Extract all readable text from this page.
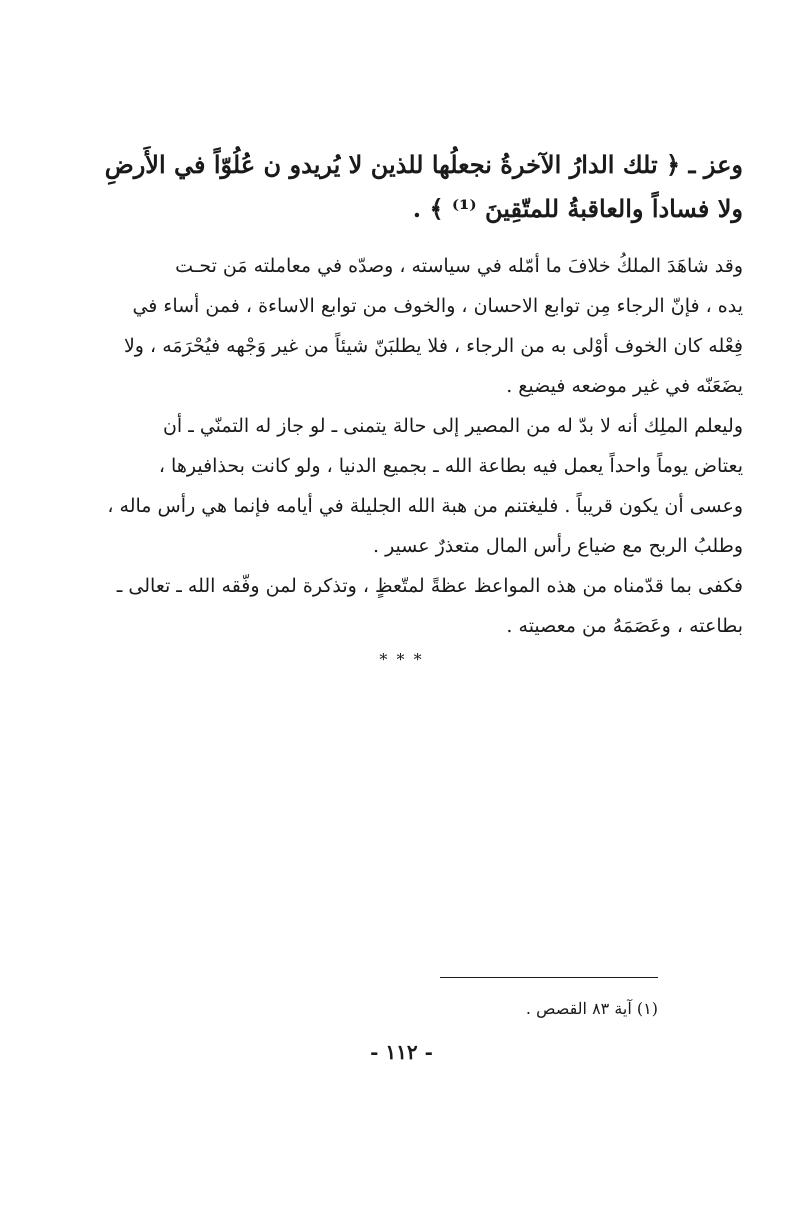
وعز ـ ﴿ تلك الدارُ الآخرةُ نجعلُها للذين لا يُريدو ن عُلُوّاً في الأَرضِ
ولا فساداً والعاقبةُ للمتّقِينَ ⁽¹⁾ ﴾ .
وقد شاهَدَ الملكُ خلافَ ما أمّله في سياسته ، وصدّه في معاملته مَن تحـت
يده ، فإنّ الرجاء مِن توابع الاحسان ، والخوف من توابع الاساءة ، فمن أساء في
فِعْله كان الخوف أوْلى به من الرجاء ، فلا يطلبَنّ شيئاً من غير وَجْهه فيُحْرَمَه ، ولا
يضَعَنّه في غير موضعه فيضيع .
وليعلم الملِك أنه لا بدّ له من المصير إلى حالة يتمنى ـ لو جاز له التمنّي ـ أن
يعتاض يوماً واحداً يعمل فيه بطاعة الله ـ بجميع الدنيا ، ولو كانت بحذافيرها ،
وعسى أن يكون قريباً . فليغتنم من هبة الله الجليلة في أيامه فإنما هي رأس ماله ،
وطلبُ الربح مع ضياع رأس المال متعذرٌ عسير .
فكفى بما قدّمناه من هذه المواعظ عظةً لمتّعظٍ ، وتذكرة لمن وفّقه الله ـ تعالى ـ
بطاعته ، وعَصَمَهُ من معصيته .
* * *
(١) آية ٨٣ القصص .
- ١١٢ -
